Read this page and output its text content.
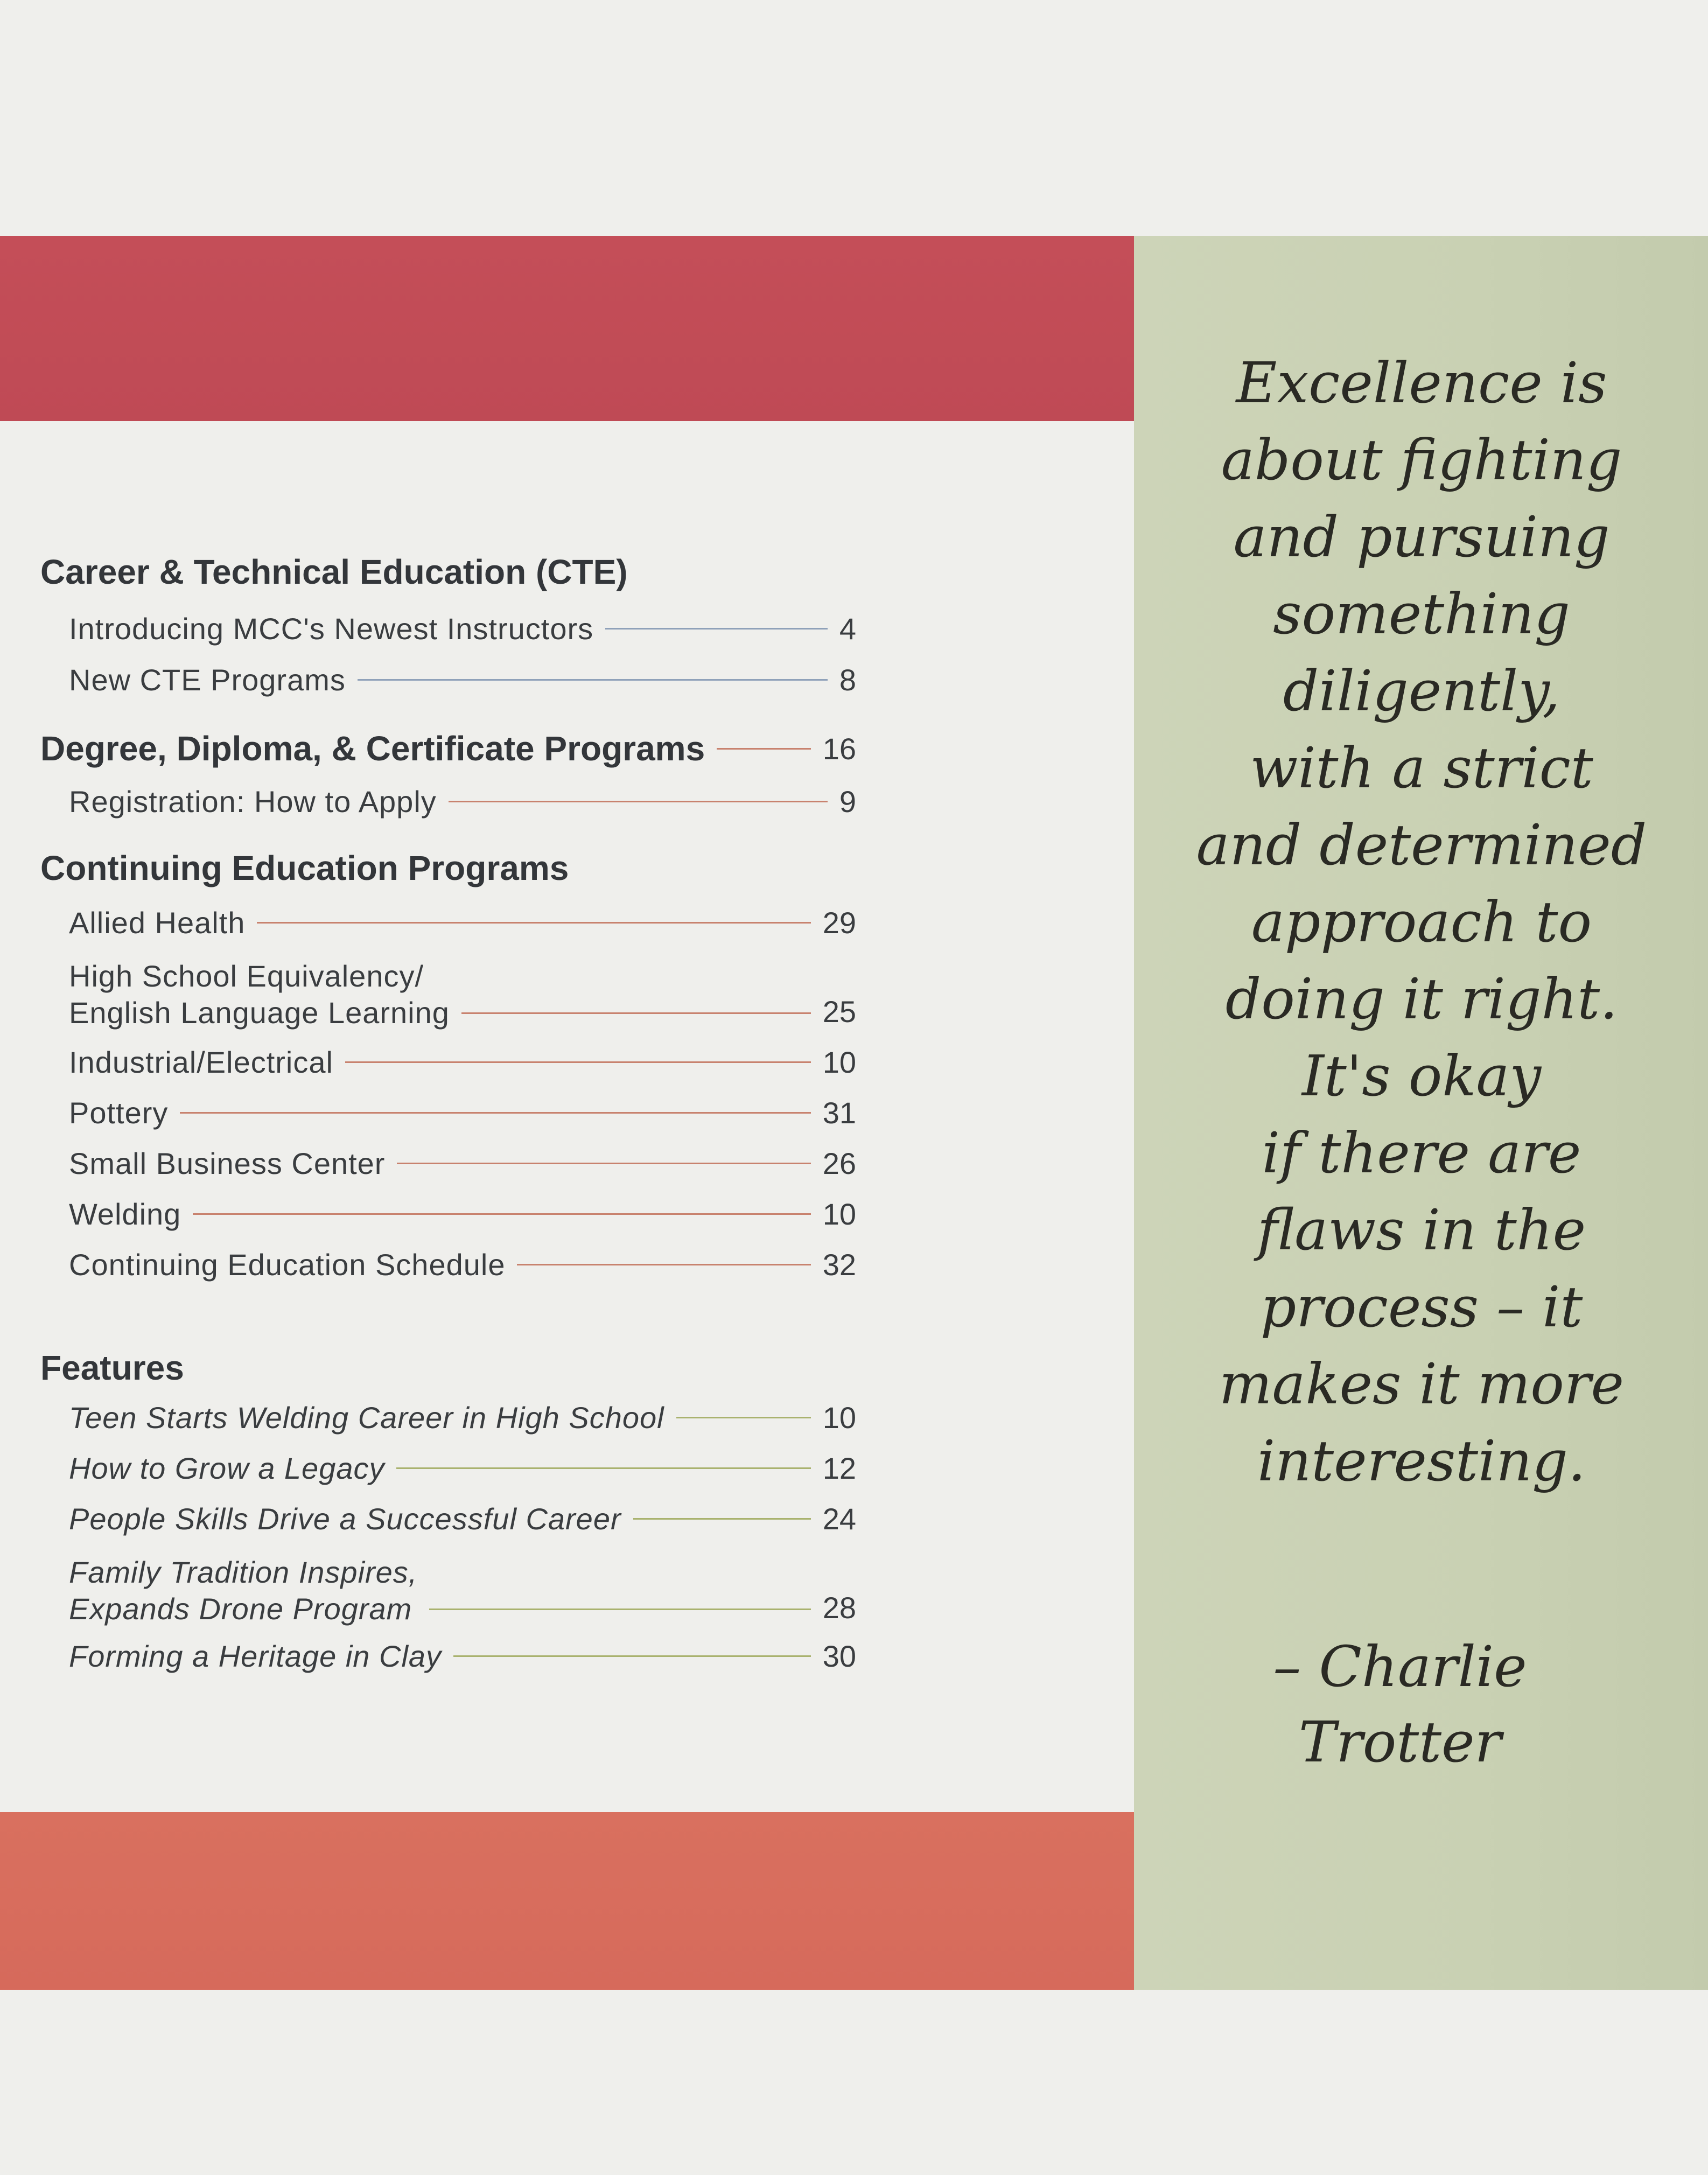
Excellence is
about fighting
and pursuing
something
diligently,
with a strict
and determined
approach to
doing it right.
It's okay
if there are
flaws in the
process – it
makes it more
interesting.
– Charlie
Trotter
Career & Technical Education (CTE)
Introducing MCC's Newest Instructors	4
New CTE Programs	8
Degree, Diploma, & Certificate Programs	16
Registration: How to Apply	9
Continuing Education Programs
Allied Health	29
High School Equivalency/
English Language Learning	25
Industrial/Electrical	10
Pottery	31
Small Business Center	26
Welding	10
Continuing Education Schedule	32
Features
Teen Starts Welding Career in High School	10
How to Grow a Legacy	12
People Skills Drive a Successful Career	24
Family Tradition Inspires,
Expands Drone Program	28
Forming a Heritage in Clay	30
